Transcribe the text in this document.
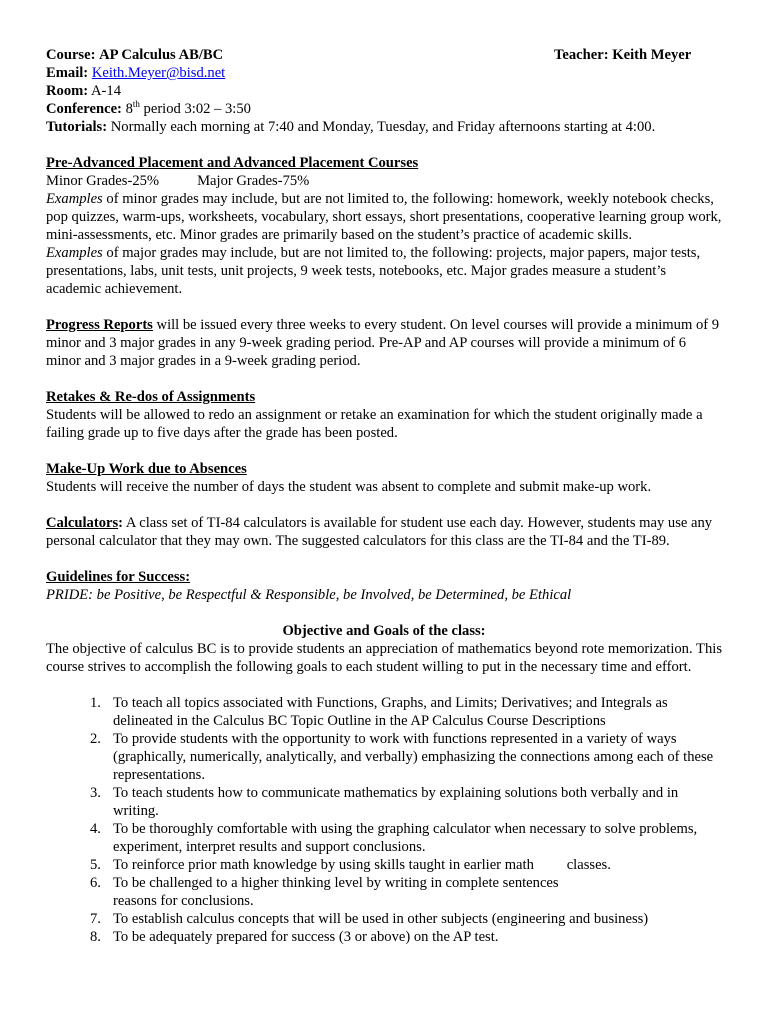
Course: AP Calculus AB/BC	Teacher: Keith Meyer
Email: Keith.Meyer@bisd.net
Room: A-14
Conference: 8th period 3:02 – 3:50
Tutorials: Normally each morning at 7:40 and Monday, Tuesday, and Friday afternoons starting at 4:00.
Pre-Advanced Placement and Advanced Placement Courses
Minor Grades-25%	Major Grades-75%

Examples of minor grades may include, but are not limited to, the following: homework, weekly notebook checks, pop quizzes, warm-ups, worksheets, vocabulary, short essays, short presentations, cooperative learning group work, mini-assessments, etc. Minor grades are primarily based on the student’s practice of academic skills.

Examples of major grades may include, but are not limited to, the following: projects, major papers, major tests, presentations, labs, unit tests, unit projects, 9 week tests, notebooks, etc. Major grades measure a student’s academic achievement.

Progress Reports will be issued every three weeks to every student. On level courses will provide a minimum of 9 minor and 3 major grades in any 9-week grading period. Pre-AP and AP courses will provide a minimum of 6 minor and 3 major grades in a 9-week grading period.

Retakes & Re-dos of Assignments

Students will be allowed to redo an assignment or retake an examination for which the student originally made a failing grade up to five days after the grade has been posted.

Make-Up Work due to Absences

Students will receive the number of days the student was absent to complete and submit make-up work.

Calculators: A class set of TI-84 calculators is available for student use each day. However, students may use any personal calculator that they may own. The suggested calculators for this class are the TI-84 and the TI-89.

Guidelines for Success:

PRIDE: be Positive, be Respectful & Responsible, be Involved, be Determined, be Ethical

Objective and Goals of the class:

The objective of calculus BC is to provide students an appreciation of mathematics beyond rote memorization. This course strives to accomplish the following goals to each student willing to put in the necessary time and effort.

1. To teach all topics associated with Functions, Graphs, and Limits; Derivatives; and Integrals as delineated in the Calculus BC Topic Outline in the AP Calculus Course Descriptions
2. To provide students with the opportunity to work with functions represented in a variety of ways (graphically, numerically, analytically, and verbally) emphasizing the connections among each of these representations.
3. To teach students how to communicate mathematics by explaining solutions both verbally and in writing.
4. To be thoroughly comfortable with using the graphing calculator when necessary to solve problems, experiment, interpret results and support conclusions.
5. To reinforce prior math knowledge by using skills taught in earlier math         classes.
6. To be challenged to a higher thinking level by writing in complete sentences reasons for conclusions.
7. To establish calculus concepts that will be used in other subjects (engineering and business)
8. To be adequately prepared for success (3 or above) on the AP test.
